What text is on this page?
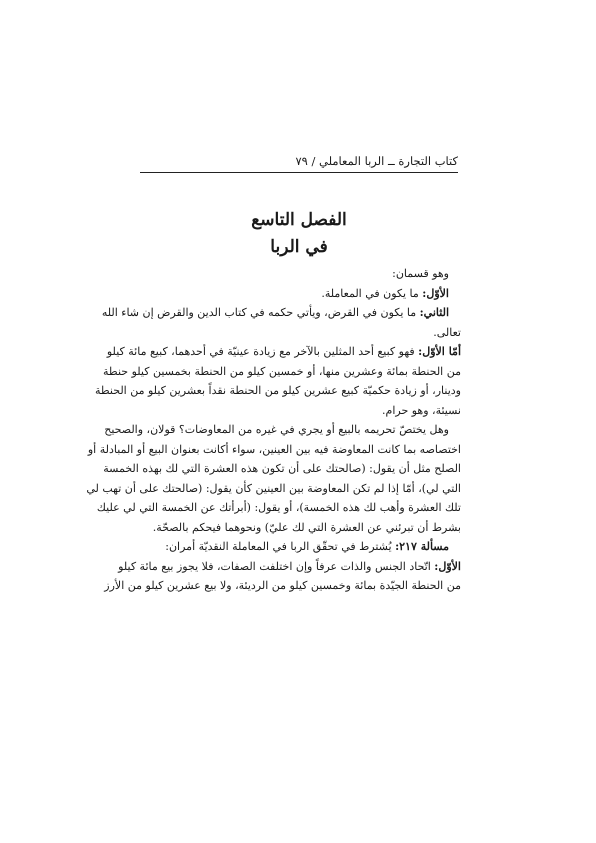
كتاب التجارة ــ الربا المعاملي / ٧٩
الفصل التاسع
في الربا
وهو قسمان:
الأوّل: ما يكون في المعاملة.
الثاني: ما يكون في القرض، ويأتي حكمه في كتاب الدين والقرض إن شاء الله
تعالى.
أمّا الأوّل: فهو كبيع أحد المثلين بالآخر مع زيادة عينيّة في أحدهما، كبيع مائة كيلو
من الحنطة بمائة وعشرين منها، أو خمسين كيلو من الحنطة بخمسين كيلو حنطة
ودينار، أو زيادة حكميّة كبيع عشرين كيلو من الحنطة نقداً بعشرين كيلو من الحنطة
نسيئة، وهو حرام.
وهل يختصّ تحريمه بالبيع أو يجري في غيره من المعاوضات؟ قولان، والصحيح
اختصاصه بما كانت المعاوضة فيه بين العينين، سواء أكانت بعنوان البيع أو المبادلة أو
الصلح مثل أن يقول: (صالحتك على أن تكون هذه العشرة التي لك بهذه الخمسة
التي لي)، أمّا إذا لم تكن المعاوضة بين العينين كأن يقول: (صالحتك على أن تهب لي
تلك العشرة وأهب لك هذه الخمسة)، أو يقول: (أبرأتك عن الخمسة التي لي عليك
بشرط أن تبرئني عن العشرة التي لك عليّ) ونحوهما فيحكم بالصحّة.
مسألة ٢١٧: يُشترط في تحقّق الربا في المعاملة النقديّة أمران:
الأوّل: اتّحاد الجنس والذات عرفاً وإن اختلفت الصفات، فلا يجوز بيع مائة كيلو
من الحنطة الجيّدة بمائة وخمسين كيلو من الرديئة، ولا بيع عشرين كيلو من الأرز
